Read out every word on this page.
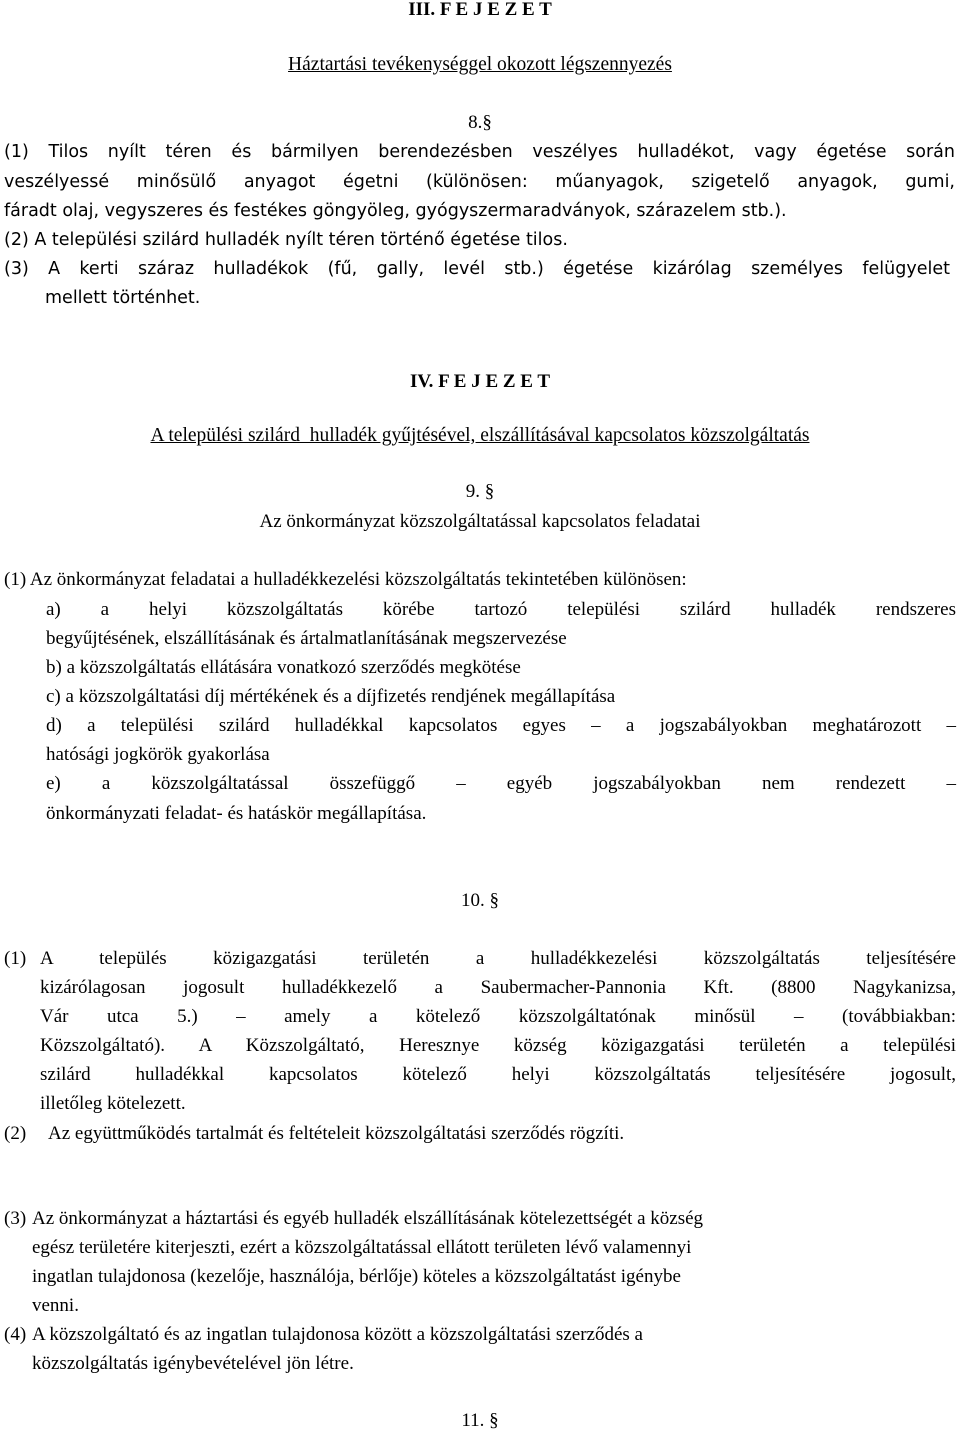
III. F E J E Z E T
Háztartási tevékenységgel okozott légszennyezés
8.§
(1) Tilos nyílt téren és bármilyen berendezésben veszélyes hulladékot, vagy égetése során
veszélyessé minősülő anyagot égetni (különösen: műanyagok, szigetelő anyagok, gumi,
fáradt olaj, vegyszeres és festékes göngyöleg, gyógyszermaradványok, szárazelem stb.).
(2) A települési szilárd hulladék nyílt téren történő égetése tilos.
(3) A kerti száraz hulladékok (fű, gally, levél stb.) égetése kizárólag személyes felügyelet
mellett történhet.
IV. F E J E Z E T
A települési szilárd  hulladék gyűjtésével, elszállításával kapcsolatos közszolgáltatás
9. §
Az önkormányzat közszolgáltatással kapcsolatos feladatai
(1) Az önkormányzat feladatai a hulladékkezelési közszolgáltatás tekintetében különösen:
a) a helyi közszolgáltatás körébe tartozó települési szilárd hulladék rendszeres
begyűjtésének, elszállításának és ártalmatlanításának megszervezése
b) a közszolgáltatás ellátására vonatkozó szerződés megkötése
c) a közszolgáltatási díj mértékének és a díjfizetés rendjének megállapítása
d) a települési szilárd hulladékkal kapcsolatos egyes – a jogszabályokban meghatározott –
hatósági jogkörök gyakorlása
e) a közszolgáltatással összefüggő – egyéb jogszabályokban nem rendezett –
önkormányzati feladat- és hatáskör megállapítása.
10. §
(1) A település közigazgatási területén a hulladékkezelési közszolgáltatás teljesítésére
kizárólagosan jogosult hulladékkezelő a Saubermacher-Pannonia Kft. (8800 Nagykanizsa,
Vár utca 5.) – amely a kötelező közszolgáltatónak minősül – (továbbiakban:
Közszolgáltató). A Közszolgáltató, Heresznye község közigazgatási területén a települési
szilárd hulladékkal kapcsolatos kötelező helyi közszolgáltatás teljesítésére jogosult,
illetőleg kötelezett.
(2) Az együttműködés tartalmát és feltételeit közszolgáltatási szerződés rögzíti.
(3) Az önkormányzat a háztartási és egyéb hulladék elszállításának kötelezettségét a község
egész területére kiterjeszti, ezért a közszolgáltatással ellátott területen lévő valamennyi
ingatlan tulajdonosa (kezelője, használója, bérlője) köteles a közszolgáltatást igénybe
venni.
(4) A közszolgáltató és az ingatlan tulajdonosa között a közszolgáltatási szerződés a
közszolgáltatás igénybevételével jön létre.
11. §
